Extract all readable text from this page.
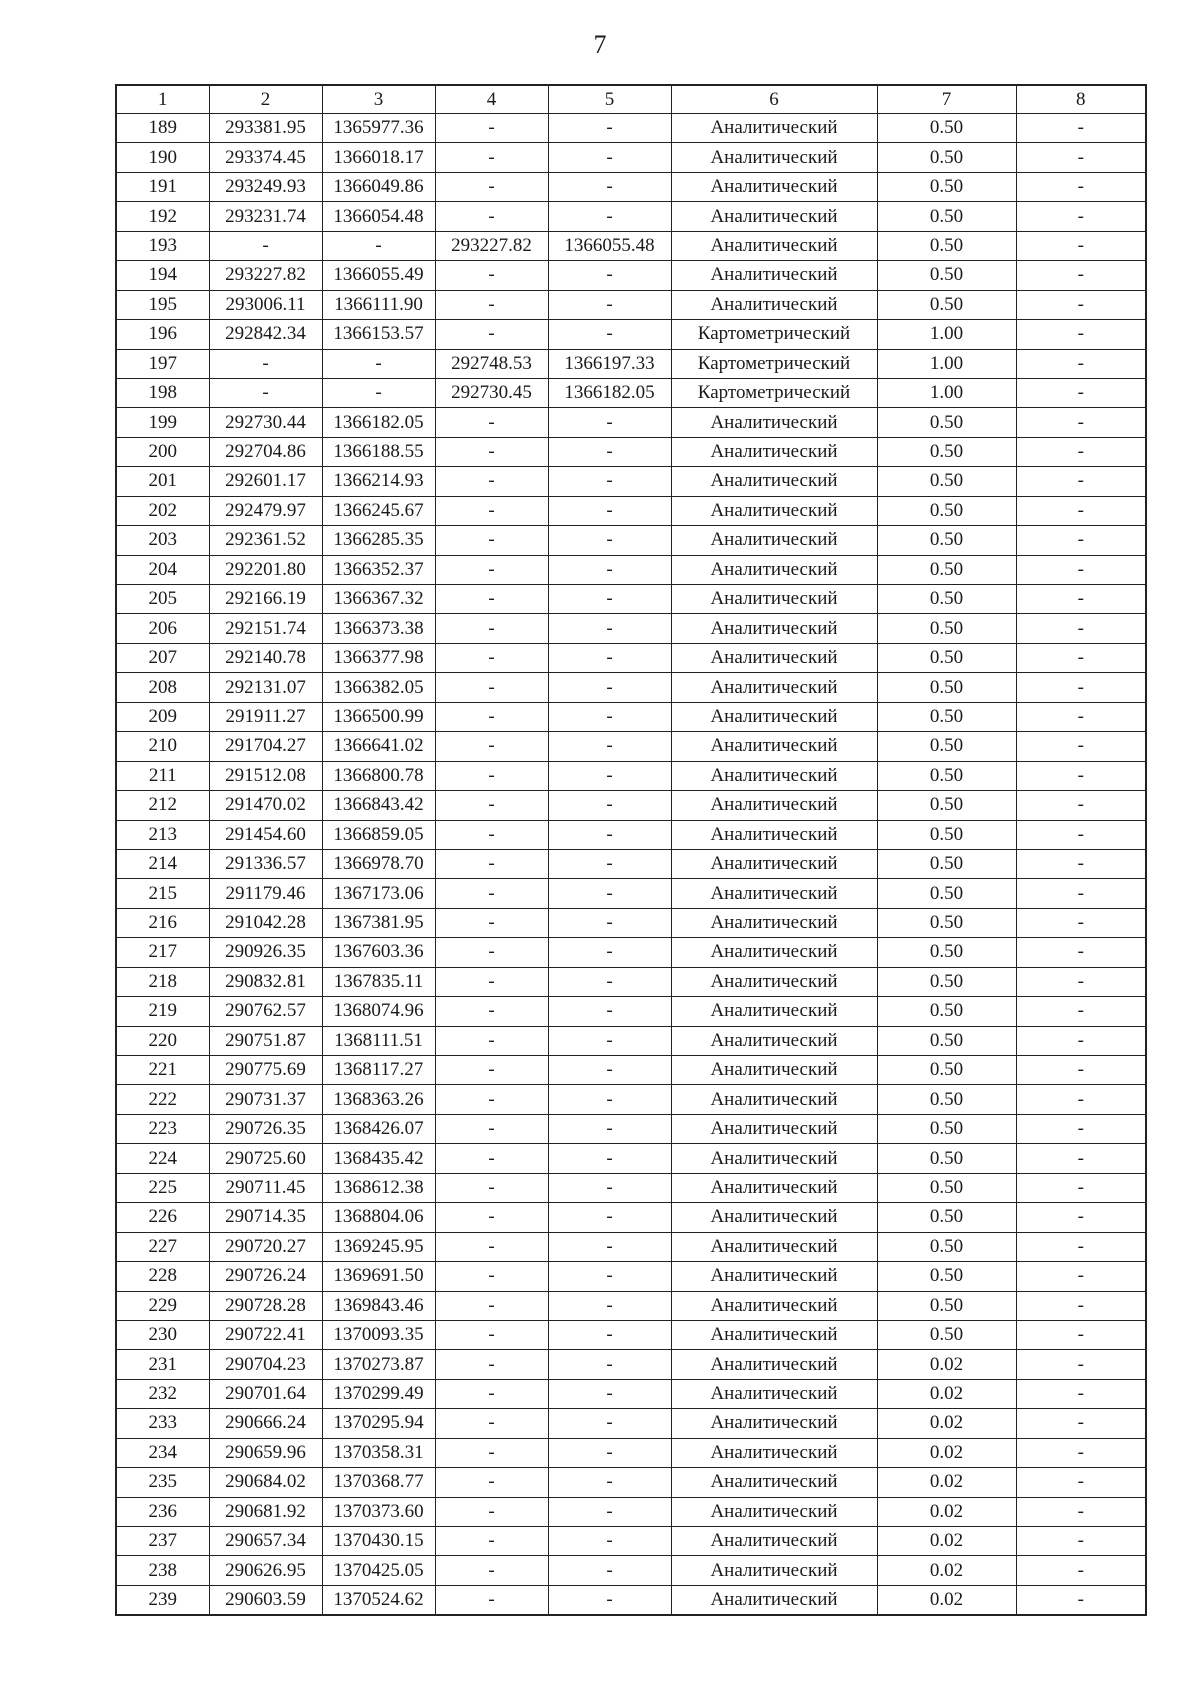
7
1	2	3	4	5	6	7	8
189	293381.95	1365977.36	-	-	Аналитический	0.50	-
190	293374.45	1366018.17	-	-	Аналитический	0.50	-
191	293249.93	1366049.86	-	-	Аналитический	0.50	-
192	293231.74	1366054.48	-	-	Аналитический	0.50	-
193	-	-	293227.82	1366055.48	Аналитический	0.50	-
194	293227.82	1366055.49	-	-	Аналитический	0.50	-
195	293006.11	1366111.90	-	-	Аналитический	0.50	-
196	292842.34	1366153.57	-	-	Картометрический	1.00	-
197	-	-	292748.53	1366197.33	Картометрический	1.00	-
198	-	-	292730.45	1366182.05	Картометрический	1.00	-
199	292730.44	1366182.05	-	-	Аналитический	0.50	-
200	292704.86	1366188.55	-	-	Аналитический	0.50	-
201	292601.17	1366214.93	-	-	Аналитический	0.50	-
202	292479.97	1366245.67	-	-	Аналитический	0.50	-
203	292361.52	1366285.35	-	-	Аналитический	0.50	-
204	292201.80	1366352.37	-	-	Аналитический	0.50	-
205	292166.19	1366367.32	-	-	Аналитический	0.50	-
206	292151.74	1366373.38	-	-	Аналитический	0.50	-
207	292140.78	1366377.98	-	-	Аналитический	0.50	-
208	292131.07	1366382.05	-	-	Аналитический	0.50	-
209	291911.27	1366500.99	-	-	Аналитический	0.50	-
210	291704.27	1366641.02	-	-	Аналитический	0.50	-
211	291512.08	1366800.78	-	-	Аналитический	0.50	-
212	291470.02	1366843.42	-	-	Аналитический	0.50	-
213	291454.60	1366859.05	-	-	Аналитический	0.50	-
214	291336.57	1366978.70	-	-	Аналитический	0.50	-
215	291179.46	1367173.06	-	-	Аналитический	0.50	-
216	291042.28	1367381.95	-	-	Аналитический	0.50	-
217	290926.35	1367603.36	-	-	Аналитический	0.50	-
218	290832.81	1367835.11	-	-	Аналитический	0.50	-
219	290762.57	1368074.96	-	-	Аналитический	0.50	-
220	290751.87	1368111.51	-	-	Аналитический	0.50	-
221	290775.69	1368117.27	-	-	Аналитический	0.50	-
222	290731.37	1368363.26	-	-	Аналитический	0.50	-
223	290726.35	1368426.07	-	-	Аналитический	0.50	-
224	290725.60	1368435.42	-	-	Аналитический	0.50	-
225	290711.45	1368612.38	-	-	Аналитический	0.50	-
226	290714.35	1368804.06	-	-	Аналитический	0.50	-
227	290720.27	1369245.95	-	-	Аналитический	0.50	-
228	290726.24	1369691.50	-	-	Аналитический	0.50	-
229	290728.28	1369843.46	-	-	Аналитический	0.50	-
230	290722.41	1370093.35	-	-	Аналитический	0.50	-
231	290704.23	1370273.87	-	-	Аналитический	0.02	-
232	290701.64	1370299.49	-	-	Аналитический	0.02	-
233	290666.24	1370295.94	-	-	Аналитический	0.02	-
234	290659.96	1370358.31	-	-	Аналитический	0.02	-
235	290684.02	1370368.77	-	-	Аналитический	0.02	-
236	290681.92	1370373.60	-	-	Аналитический	0.02	-
237	290657.34	1370430.15	-	-	Аналитический	0.02	-
238	290626.95	1370425.05	-	-	Аналитический	0.02	-
239	290603.59	1370524.62	-	-	Аналитический	0.02	-
